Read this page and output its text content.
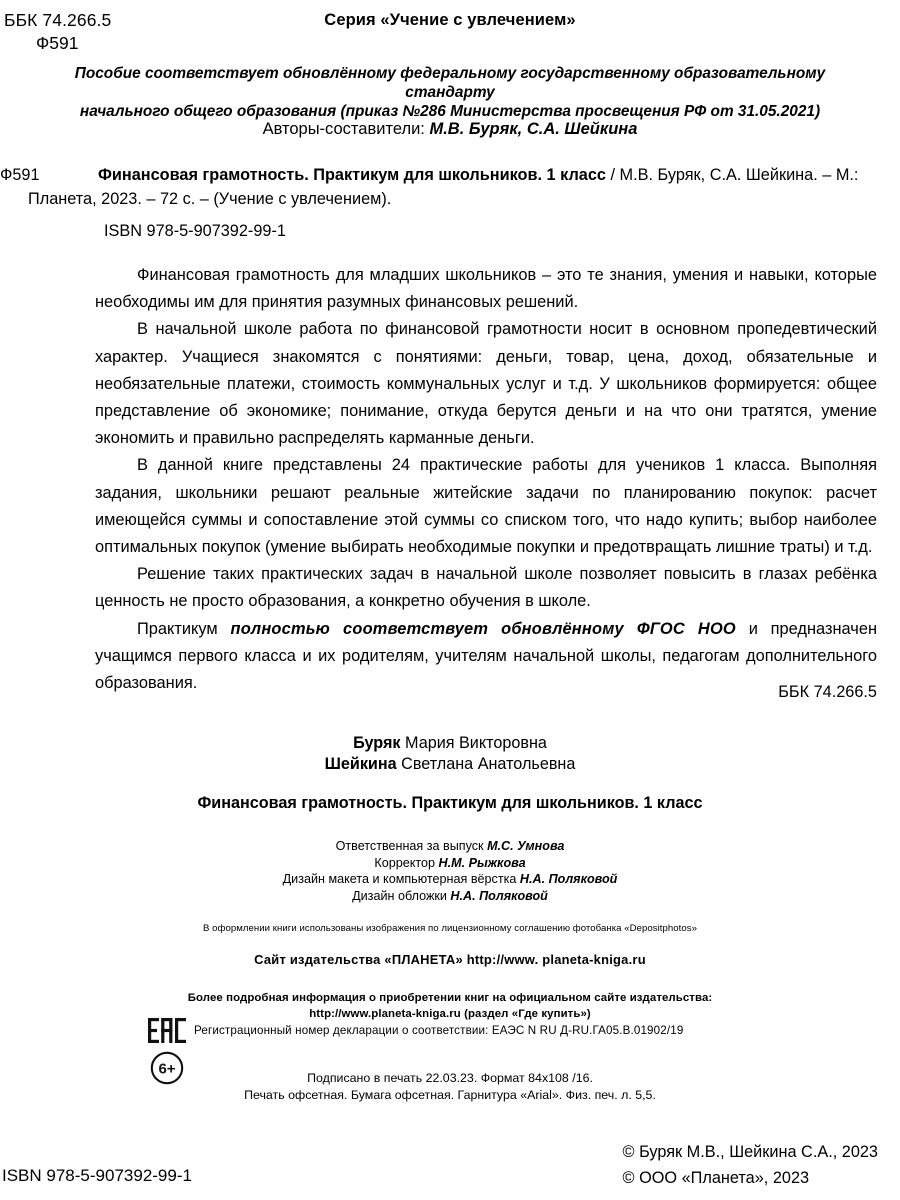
ББК 74.266.5
Ф591
Серия «Учение с увлечением»
Пособие соответствует обновлённому федеральному государственному образовательному стандарту
начального общего образования (приказ №286 Министерства просвещения РФ от 31.05.2021)
Авторы-составители: М.В. Буряк, С.А. Шейкина
Ф591	Финансовая грамотность. Практикум для школьников. 1 класс / М.В. Буряк, С.А. Шейкина. – М.: Планета, 2023. – 72 с. – (Учение с увлечением).
ISBN 978-5-907392-99-1

Финансовая грамотность для младших школьников – это те знания, умения и навыки, которые необходимы им для принятия разумных финансовых решений.

В начальной школе работа по финансовой грамотности носит в основном пропедевтический характер. Учащиеся знакомятся с понятиями: деньги, товар, цена, доход, обязательные и необязательные платежи, стоимость коммунальных услуг и т.д. У школьников формируется: общее представление об экономике; понимание, откуда берутся деньги и на что они тратятся, умение экономить и правильно распределять карманные деньги.

В данной книге представлены 24 практические работы для учеников 1 класса. Выполняя задания, школьники решают реальные житейские задачи по планированию покупок: расчет имеющейся суммы и сопоставление этой суммы со списком того, что надо купить; выбор наиболее оптимальных покупок (умение выбирать необходимые покупки и предотвращать лишние траты) и т.д.

Решение таких практических задач в начальной школе позволяет повысить в глазах ребёнка ценность не просто образования, а конкретно обучения в школе.

Практикум полностью соответствует обновлённому ФГОС НОО и предназначен учащимся первого класса и их родителям, учителям начальной школы, педагогам дополнительного образования.	ББК 74.266.5
Буряк Мария Викторовна
Шейкина Светлана Анатольевна
Финансовая грамотность. Практикум для школьников. 1 класс
Ответственная за выпуск М.С. Умнова
Корректор Н.М. Рыжкова
Дизайн макета и компьютерная вёрстка Н.А. Поляковой
Дизайн обложки Н.А. Поляковой
В оформлении книги использованы изображения по лицензионному соглашению фотобанка «Depositphotos»
Сайт издательства «ПЛАНЕТА» http://www. planeta-kniga.ru
Более подробная информация о приобретении книг на официальном сайте издательства:
http://www.planeta-kniga.ru (раздел «Где купить»)
Регистрационный номер декларации о соответствии: ЕАЭС N RU Д-RU.ГА05.В.01902/19
6+
Подписано в печать 22.03.23. Формат 84х108 /16.
Печать офсетная. Бумага офсетная. Гарнитура «Arial». Физ. печ. л. 5,5.
ISBN 978-5-907392-99-1
© Буряк М.В., Шейкина С.А., 2023
© ООО «Планета», 2023
